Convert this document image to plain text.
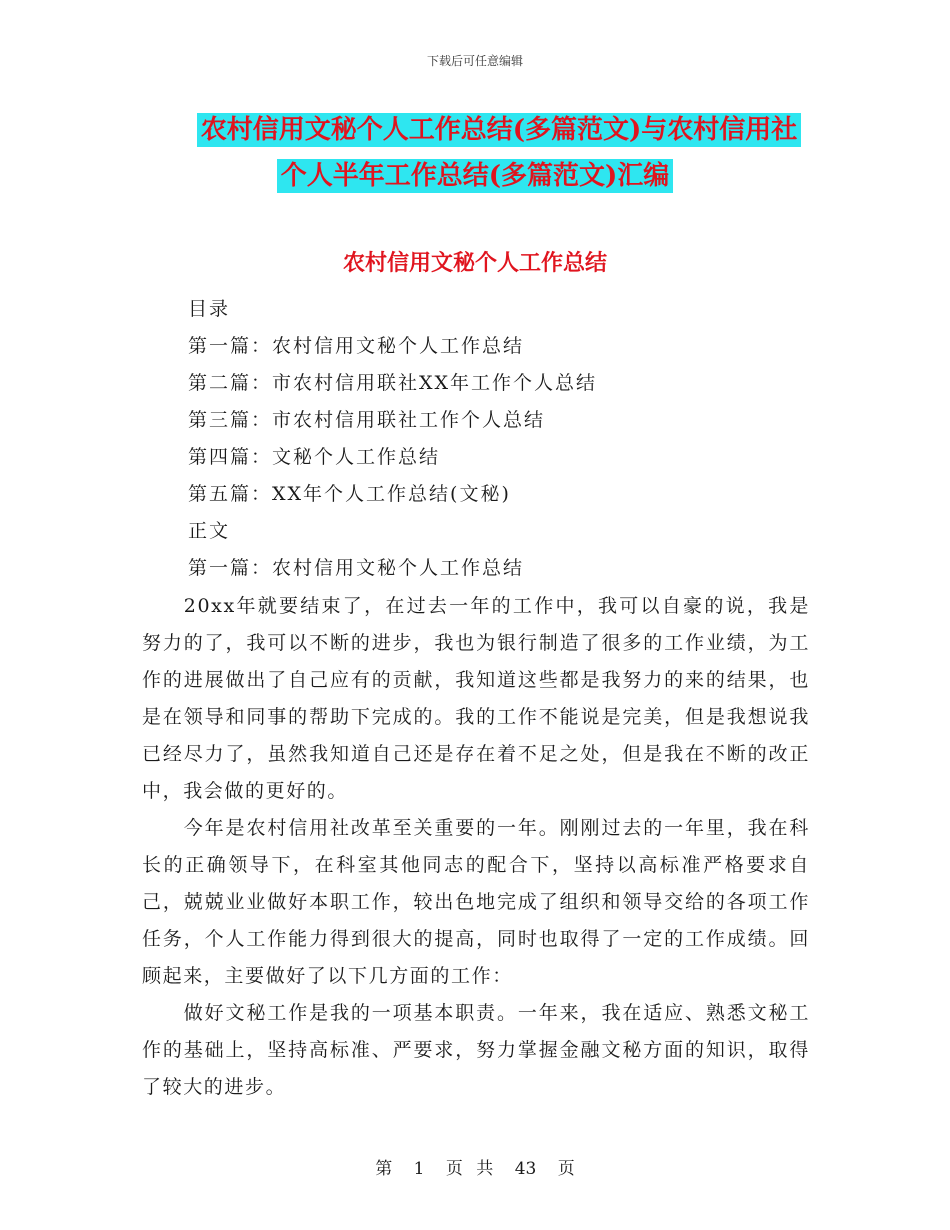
下载后可任意编辑
农村信用文秘个人工作总结(多篇范文)与农村信用社
个人半年工作总结(多篇范文)汇编
农村信用文秘个人工作总结
目录
第一篇：农村信用文秘个人工作总结
第二篇：市农村信用联社XX年工作个人总结
第三篇：市农村信用联社工作个人总结
第四篇：文秘个人工作总结
第五篇：XX年个人工作总结(文秘)
正文
第一篇：农村信用文秘个人工作总结

20xx年就要结束了，在过去一年的工作中，我可以自豪的说，我是努力的了，我可以不断的进步，我也为银行制造了很多的工作业绩，为工作的进展做出了自己应有的贡献，我知道这些都是我努力的来的结果，也是在领导和同事的帮助下完成的。我的工作不能说是完美，但是我想说我已经尽力了，虽然我知道自己还是存在着不足之处，但是我在不断的改正中，我会做的更好的。

今年是农村信用社改革至关重要的一年。刚刚过去的一年里，我在科长的正确领导下，在科室其他同志的配合下，坚持以高标准严格要求自己，兢兢业业做好本职工作，较出色地完成了组织和领导交给的各项工作任务，个人工作能力得到很大的提高，同时也取得了一定的工作成绩。回顾起来，主要做好了以下几方面的工作：

做好文秘工作是我的一项基本职责。一年来，我在适应、熟悉文秘工作的基础上，坚持高标准、严要求，努力掌握金融文秘方面的知识，取得了较大的进步。

第 1 页 共 43 页
